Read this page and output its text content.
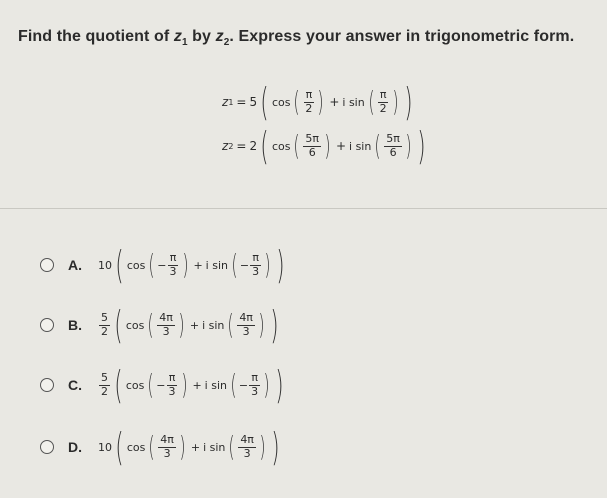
Find the quotient of $z_1$ by $z_2$. Express your answer in trigonometric form.
z 1 = 5 ( cos ( $\frac{\pi}{2}$ ) + i sin ( $\frac{\pi}{2}$ ) )
z 2 = 2 ( cos ( $\frac{5\pi}{6}$ ) + i sin ( $\frac{5\pi}{6}$ ) )
A.	10 ( cos ( − $\frac{\pi}{3}$ ) + i sin ( − $\frac{\pi}{3}$ ) )
B.	$\frac{5}{2}$ ( cos ( $\frac{4\pi}{3}$ ) + i sin ( $\frac{4\pi}{3}$ ) )
C.	$\frac{5}{2}$ ( cos ( − $\frac{\pi}{3}$ ) + i sin ( − $\frac{\pi}{3}$ ) )
D.	10 ( cos ( $\frac{4\pi}{3}$ ) + i sin ( $\frac{4\pi}{3}$ ) )
